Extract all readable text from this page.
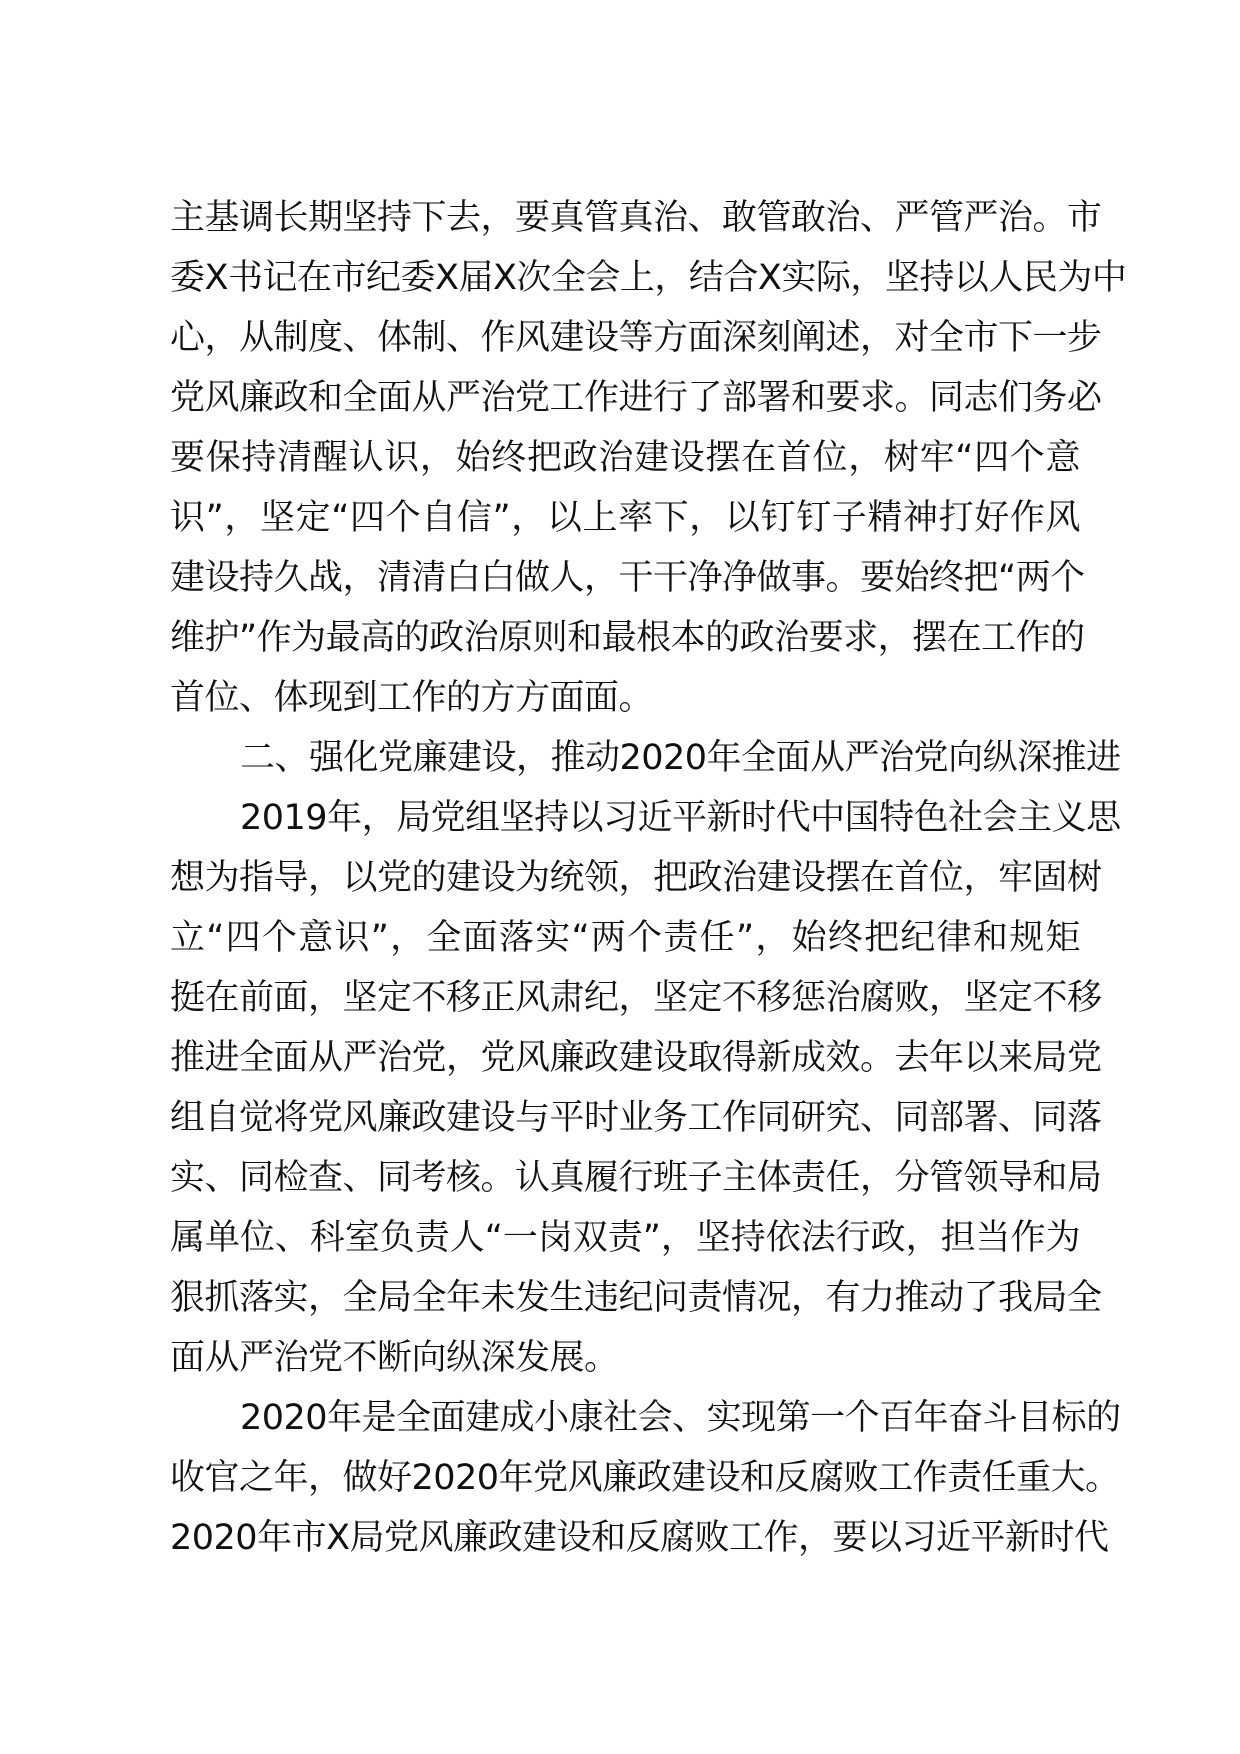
主基调长期坚持下去，要真管真治、敢管敢治、严管严治。市
委X书记在市纪委X届X次全会上，结合X实际，坚持以人民为中
心，从制度、体制、作风建设等方面深刻阐述，对全市下一步
党风廉政和全面从严治党工作进行了部署和要求。同志们务必
要保持清醒认识，始终把政治建设摆在首位，树牢“四个意
识”，坚定“四个自信”，以上率下，以钉钉子精神打好作风
建设持久战，清清白白做人，干干净净做事。要始终把“两个
维护”作为最高的政治原则和最根本的政治要求，摆在工作的
首位、体现到工作的方方面面。
二、强化党廉建设，推动2020年全面从严治党向纵深推进
2019年，局党组坚持以习近平新时代中国特色社会主义思
想为指导，以党的建设为统领，把政治建设摆在首位，牢固树
立“四个意识”，全面落实“两个责任”，始终把纪律和规矩
挺在前面，坚定不移正风肃纪，坚定不移惩治腐败，坚定不移
推进全面从严治党，党风廉政建设取得新成效。去年以来局党
组自觉将党风廉政建设与平时业务工作同研究、同部署、同落
实、同检查、同考核。认真履行班子主体责任，分管领导和局
属单位、科室负责人“一岗双责”，坚持依法行政，担当作为
狠抓落实，全局全年未发生违纪问责情况，有力推动了我局全
面从严治党不断向纵深发展。
2020年是全面建成小康社会、实现第一个百年奋斗目标的
收官之年，做好2020年党风廉政建设和反腐败工作责任重大。
2020年市X局党风廉政建设和反腐败工作，要以习近平新时代
